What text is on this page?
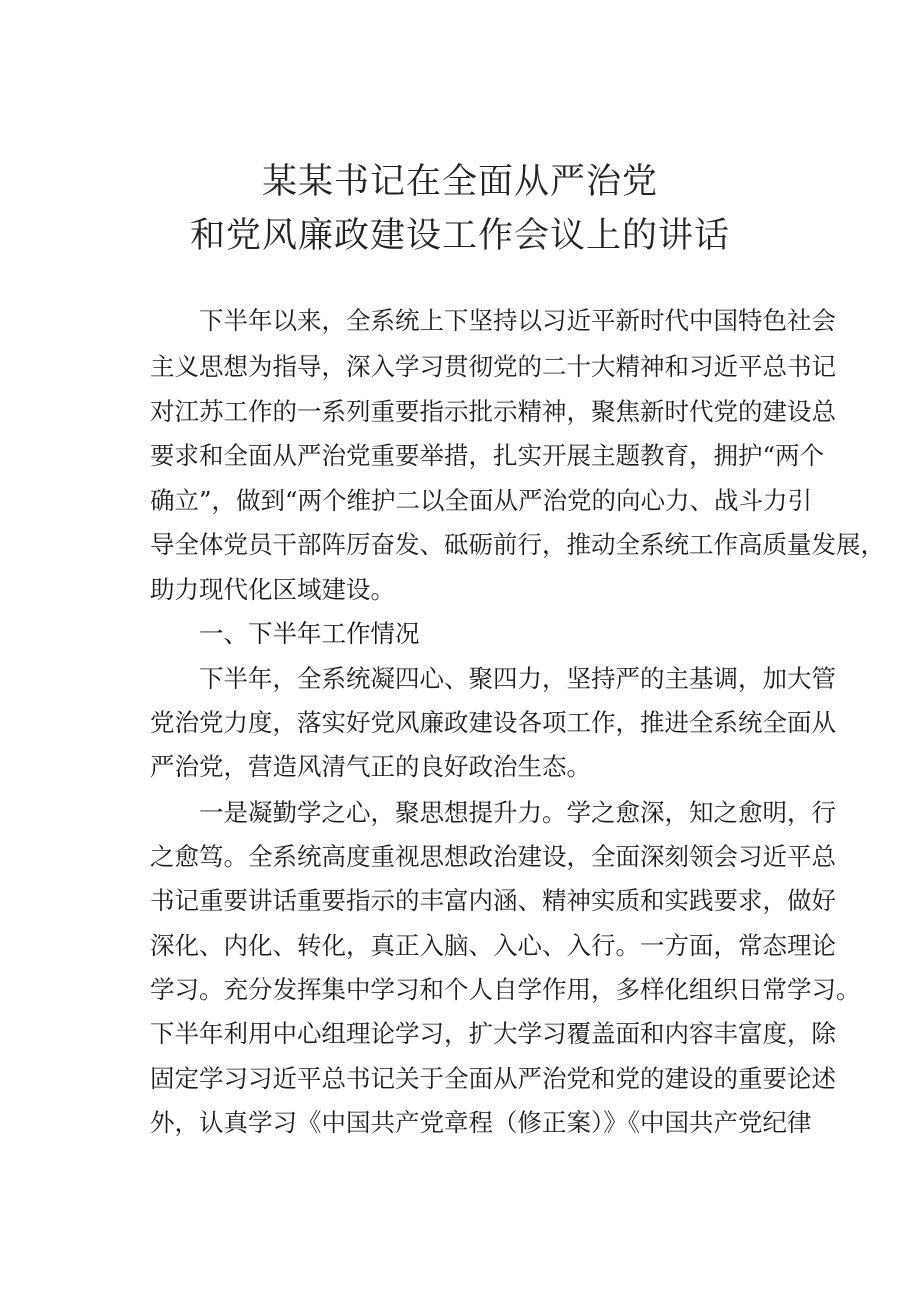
某某书记在全面从严治党
和党风廉政建设工作会议上的讲话
下半年以来，全系统上下坚持以习近平新时代中国特色社会
主义思想为指导，深入学习贯彻党的二十大精神和习近平总书记
对江苏工作的一系列重要指示批示精神，聚焦新时代党的建设总
要求和全面从严治党重要举措，扎实开展主题教育，拥护“两个
确立”，做到“两个维护二以全面从严治党的向心力、战斗力引
导全体党员干部阵厉奋发、砥砺前行，推动全系统工作高质量发展，
助力现代化区域建设。
一、下半年工作情况
下半年，全系统凝四心、聚四力，坚持严的主基调，加大管
党治党力度，落实好党风廉政建设各项工作，推进全系统全面从
严治党，营造风清气正的良好政治生态。
一是凝勤学之心，聚思想提升力。学之愈深，知之愈明，行
之愈笃。全系统高度重视思想政治建设，全面深刻领会习近平总
书记重要讲话重要指示的丰富内涵、精神实质和实践要求，做好
深化、内化、转化，真正入脑、入心、入行。一方面，常态理论
学习。充分发挥集中学习和个人自学作用，多样化组织日常学习。
下半年利用中心组理论学习，扩大学习覆盖面和内容丰富度，除
固定学习习近平总书记关于全面从严治党和党的建设的重要论述
外，认真学习《中国共产党章程（修正案）》《中国共产党纪律
